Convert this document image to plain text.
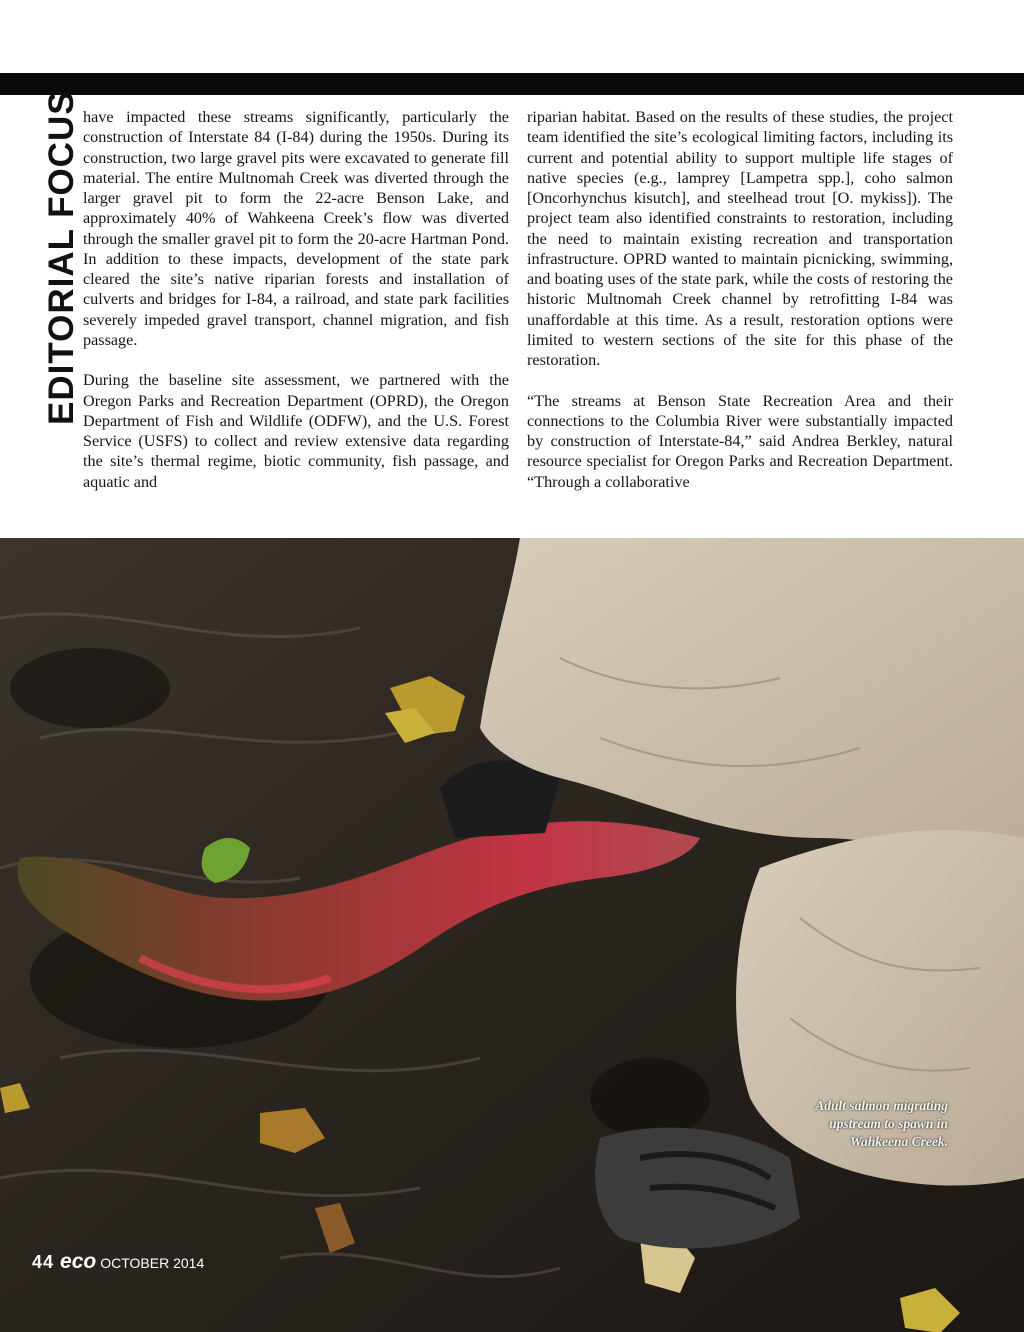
EDITORIAL FOCUS have impacted these streams significantly, particularly the construction of Interstate 84 (I-84) during the 1950s. During its construction, two large gravel pits were excavated to generate fill material. The entire Multnomah Creek was diverted through the larger gravel pit to form the 22-acre Benson Lake, and approximately 40% of Wahkeena Creek’s flow was diverted through the smaller gravel pit to form the 20-acre Hartman Pond. In addition to these impacts, development of the state park cleared the site’s native riparian forests and installation of culverts and bridges for I-84, a railroad, and state park facilities severely impeded gravel transport, channel migration, and fish passage.

During the baseline site assessment, we partnered with the Oregon Parks and Recreation Department (OPRD), the Oregon Department of Fish and Wildlife (ODFW), and the U.S. Forest Service (USFS) to collect and review extensive data regarding the site’s thermal regime, biotic community, fish passage, and aquatic and

riparian habitat. Based on the results of these studies, the project team identified the site’s ecological limiting factors, including its current and potential ability to support multiple life stages of native species (e.g., lamprey [Lampetra spp.], coho salmon [Oncorhynchus kisutch], and steelhead trout [O. mykiss]). The project team also identified constraints to restoration, including the need to maintain existing recreation and transportation infrastructure. OPRD wanted to maintain picnicking, swimming, and boating uses of the state park, while the costs of restoring the historic Multnomah Creek channel by retrofitting I-84 was unaffordable at this time. As a result, restoration options were limited to western sections of the site for this phase of the restoration.

“The streams at Benson State Recreation Area and their connections to the Columbia River were substantially impacted by construction of Interstate-84,” said Andrea Berkley, natural resource specialist for Oregon Parks and Recreation Department. “Through a collaborative

Adult salmon migrating
upstream to spawn in
Wahkeena Creek.
44 eco OCTOBER 2014
